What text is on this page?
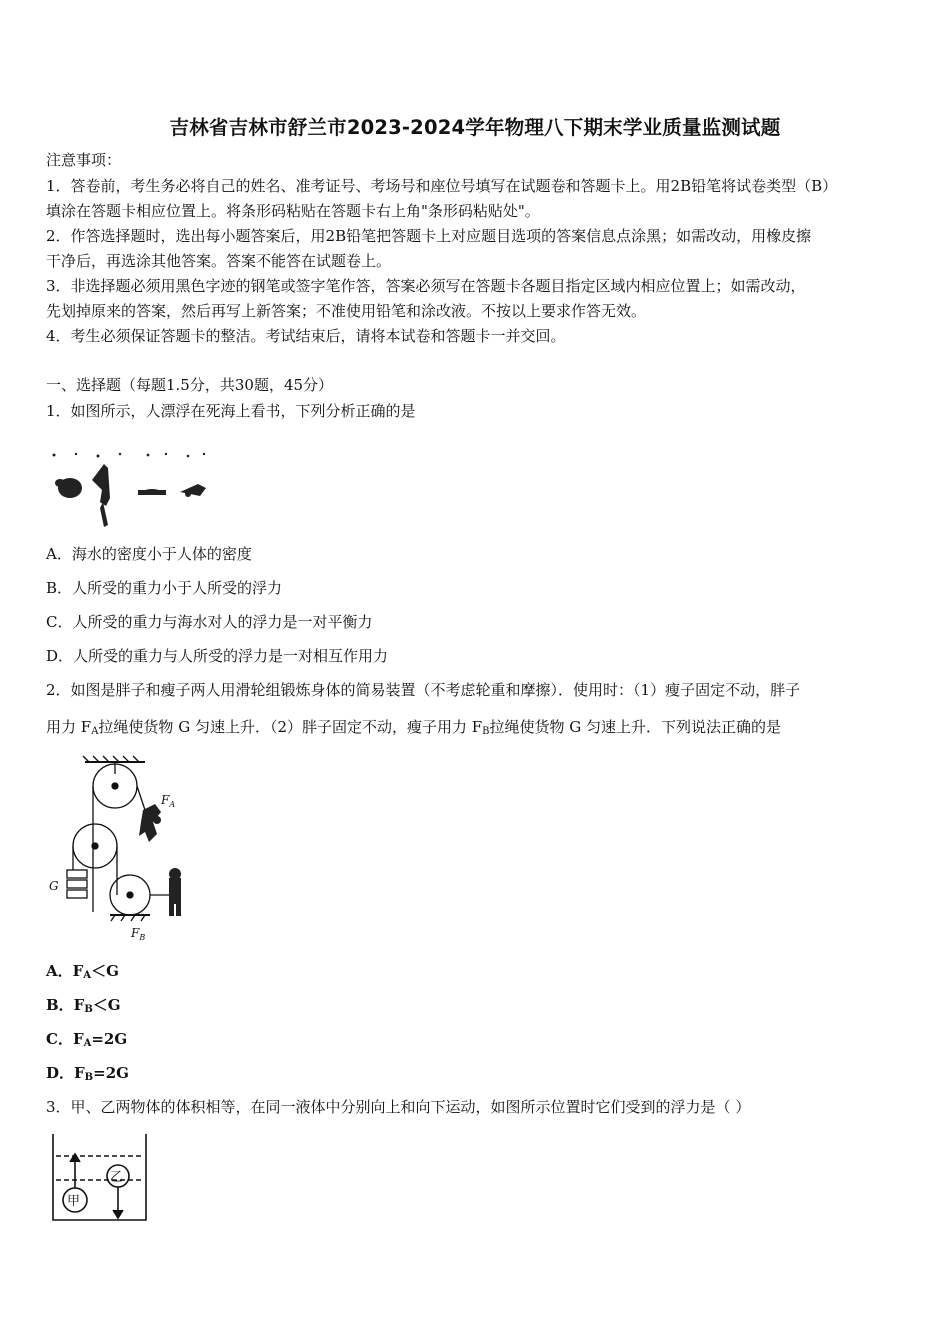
吉林省吉林市舒兰市2023-2024学年物理八下期末学业质量监测试题
注意事项：
1．答卷前，考生务必将自己的姓名、准考证号、考场号和座位号填写在试题卷和答题卡上。用2B铅笔将试卷类型（B）
填涂在答题卡相应位置上。将条形码粘贴在答题卡右上角"条形码粘贴处"。
2．作答选择题时，选出每小题答案后，用2B铅笔把答题卡上对应题目选项的答案信息点涂黑；如需改动，用橡皮擦
干净后，再选涂其他答案。答案不能答在试题卷上。
3．非选择题必须用黑色字迹的钢笔或签字笔作答，答案必须写在答题卡各题目指定区域内相应位置上；如需改动，
先划掉原来的答案，然后再写上新答案；不准使用铅笔和涂改液。不按以上要求作答无效。
4．考生必须保证答题卡的整洁。考试结束后，请将本试卷和答题卡一并交回。
一、选择题（每题1.5分，共30题，45分）
1．如图所示，人漂浮在死海上看书，下列分析正确的是
A．海水的密度小于人体的密度
B．人所受的重力小于人所受的浮力
C．人所受的重力与海水对人的浮力是一对平衡力
D．人所受的重力与人所受的浮力是一对相互作用力
2．如图是胖子和瘦子两人用滑轮组锻炼身体的简易装置（不考虑轮重和摩擦）．使用时：（1）瘦子固定不动，胖子
用力 $F_A$拉绳使货物 G 匀速上升．（2）胖子固定不动，瘦子用力 $F_B$拉绳使货物 G 匀速上升．下列说法正确的是
$F_A$
$F_B$
G
A．$F_A<G$
B．$F_B<G$
C．$F_A=2G$
D．$F_B=2G$
3．甲、乙两物体的体积相等，在同一液体中分别向上和向下运动，如图所示位置时它们受到的浮力是（ ）
甲
乙
